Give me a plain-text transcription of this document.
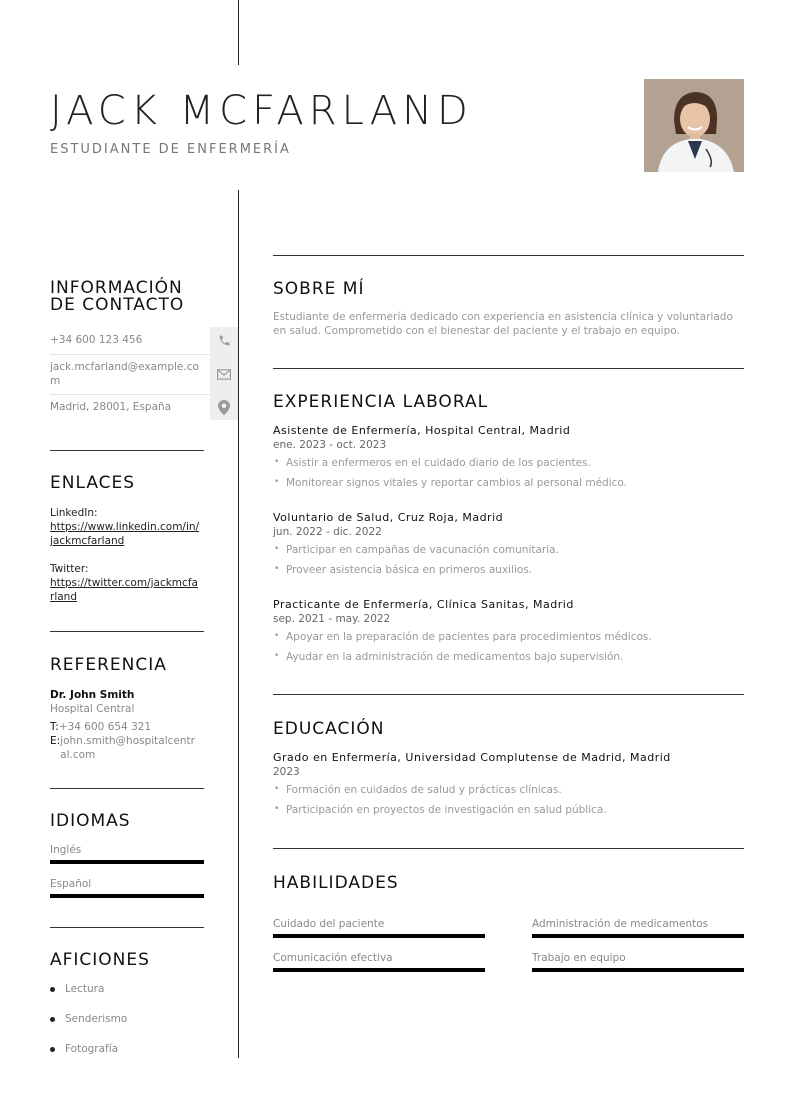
JACK MCFARLAND
ESTUDIANTE DE ENFERMERÍA
INFORMACIÓN
DE CONTACTO
+34 600 123 456
jack.mcfarland@example.com
Madrid, 28001, España
ENLACES
LinkedIn:
https://www.linkedin.com/in/jackmcfarland
Twitter:
https://twitter.com/jackmcfarland
REFERENCIA
Dr. John Smith
Hospital Central
T:+34 600 654 321
E: john.smith@hospitalcentral.com
IDIOMAS
Inglés
Español
AFICIONES
Lectura
Senderismo
Fotografía
SOBRE MÍ
Estudiante de enfermería dedicado con experiencia en asistencia clínica y voluntariado en salud. Comprometido con el bienestar del paciente y el trabajo en equipo.
EXPERIENCIA LABORAL
Asistente de Enfermería, Hospital Central, Madrid
ene. 2023 - oct. 2023
• Asistir a enfermeros en el cuidado diario de los pacientes.
• Monitorear signos vitales y reportar cambios al personal médico.
Voluntario de Salud, Cruz Roja, Madrid
jun. 2022 - dic. 2022
• Participar en campañas de vacunación comunitaria.
• Proveer asistencia básica en primeros auxilios.
Practicante de Enfermería, Clínica Sanitas, Madrid
sep. 2021 - may. 2022
• Apoyar en la preparación de pacientes para procedimientos médicos.
• Ayudar en la administración de medicamentos bajo supervisión.
EDUCACIÓN
Grado en Enfermería, Universidad Complutense de Madrid, Madrid
2023
• Formación en cuidados de salud y prácticas clínicas.
• Participación en proyectos de investigación en salud pública.
HABILIDADES
Cuidado del paciente	Administración de medicamentos
Comunicación efectiva	Trabajo en equipo
